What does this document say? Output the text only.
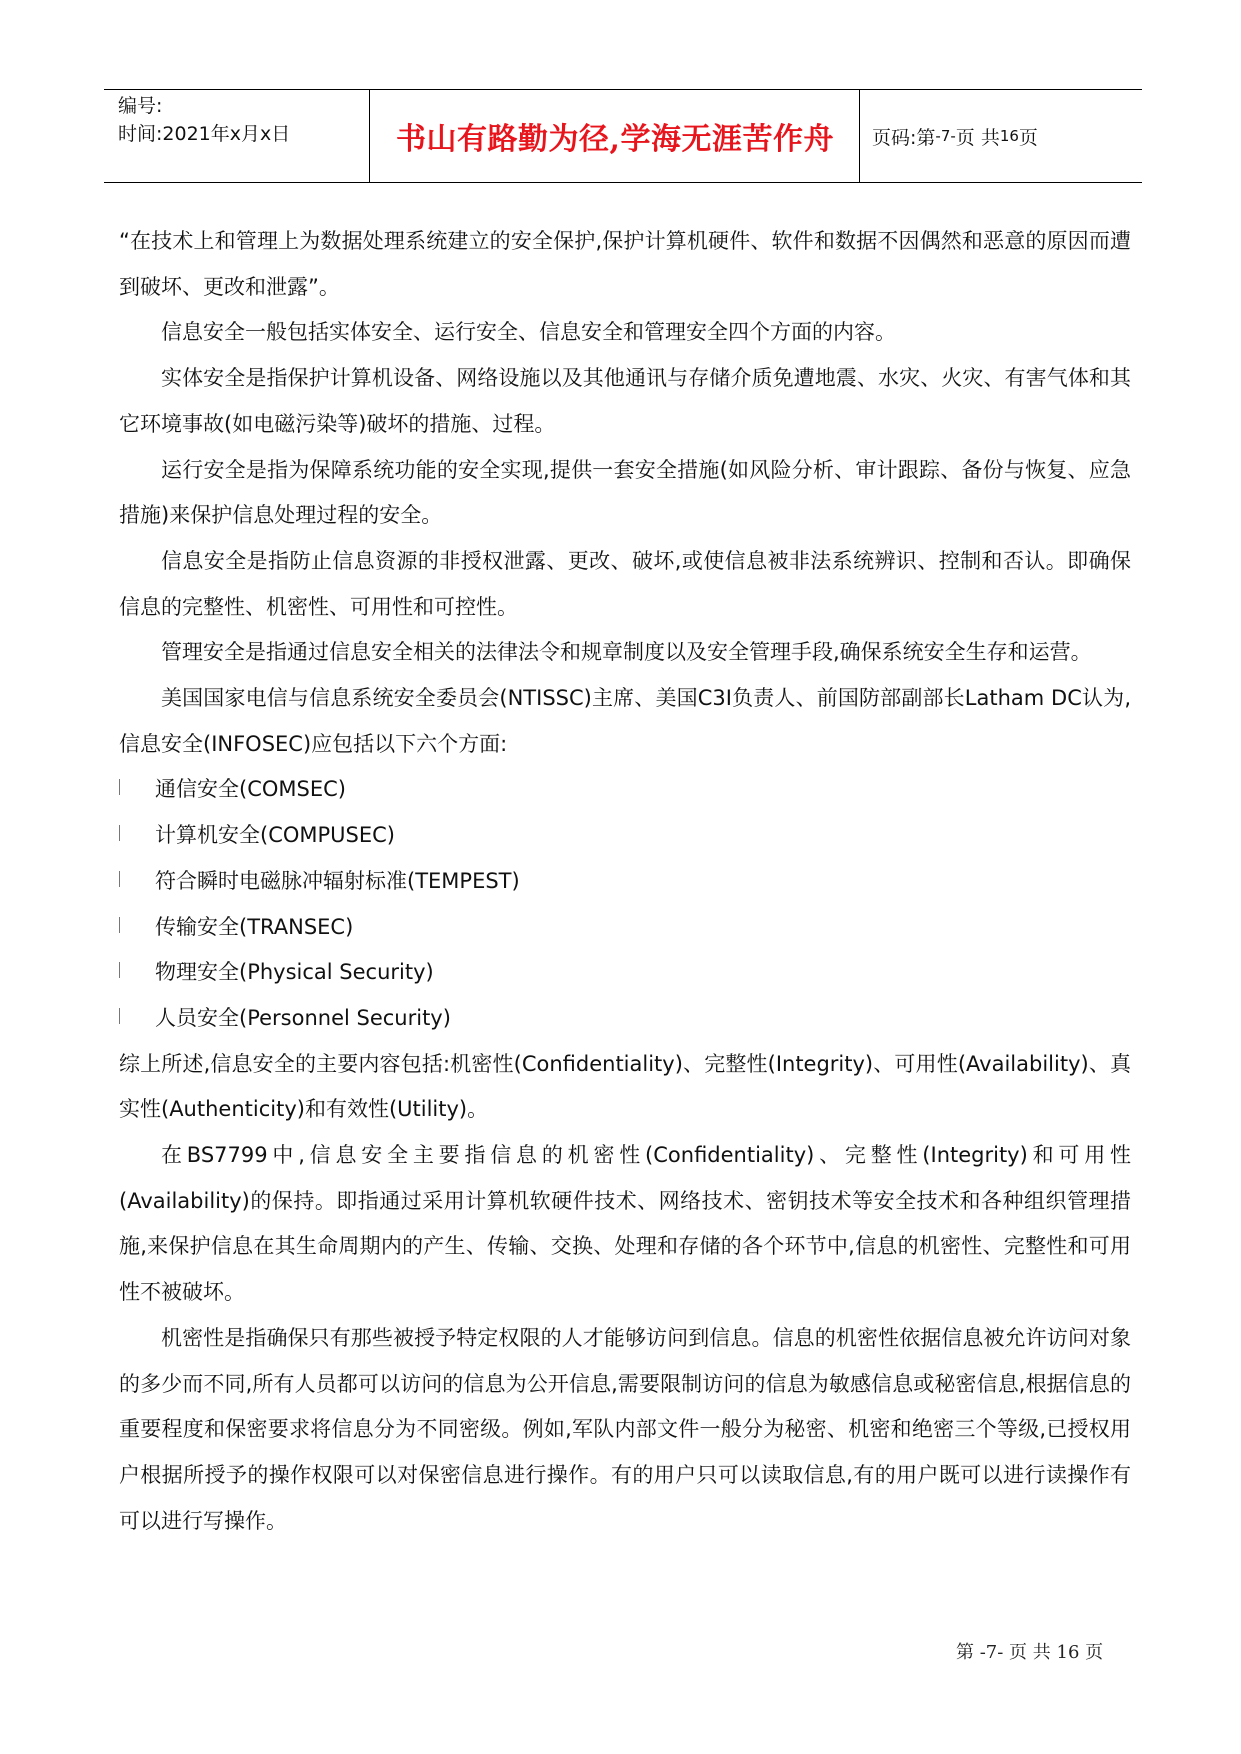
编号:
时间:2021年x月x日	书山有路勤为径,学海无涯苦作舟	页码:第 -7- 页 共 16 页

“在技术上和管理上为数据处理系统建立的安全保护,保护计算机硬件、软件和数据不因偶然和恶意的原因而遭到破坏、更改和泄露”。

信息安全一般包括实体安全、运行安全、信息安全和管理安全四个方面的内容。

实体安全是指保护计算机设备、网络设施以及其他通讯与存储介质免遭地震、水灾、火灾、有害气体和其它环境事故(如电磁污染等)破坏的措施、过程。

运行安全是指为保障系统功能的安全实现,提供一套安全措施(如风险分析、审计跟踪、备份与恢复、应急措施)来保护信息处理过程的安全。

信息安全是指防止信息资源的非授权泄露、更改、破坏,或使信息被非法系统辨识、控制和否认。即确保信息的完整性、机密性、可用性和可控性。

管理安全是指通过信息安全相关的法律法令和规章制度以及安全管理手段,确保系统安全生存和运营。

美国国家电信与信息系统安全委员会(NTISSC)主席、美国C3I负责人、前国防部副部长Latham DC认为,信息安全(INFOSEC)应包括以下六个方面:

通信安全(COMSEC)
计算机安全(COMPUSEC)
符合瞬时电磁脉冲辐射标准(TEMPEST)
传输安全(TRANSEC)
物理安全(Physical Security)
人员安全(Personnel Security)

综上所述,信息安全的主要内容包括:机密性(Confidentiality)、完整性(Integrity)、可用性(Availability)、真实性(Authenticity)和有效性(Utility)。

在BS7799中,信息安全主要指信息的机密性(Confidentiality)、完整性(Integrity)和可用性(Availability)的保持。即指通过采用计算机软硬件技术、网络技术、密钥技术等安全技术和各种组织管理措施,来保护信息在其生命周期内的产生、传输、交换、处理和存储的各个环节中,信息的机密性、完整性和可用性不被破坏。

机密性是指确保只有那些被授予特定权限的人才能够访问到信息。信息的机密性依据信息被允许访问对象的多少而不同,所有人员都可以访问的信息为公开信息,需要限制访问的信息为敏感信息或秘密信息,根据信息的重要程度和保密要求将信息分为不同密级。例如,军队内部文件一般分为秘密、机密和绝密三个等级,已授权用户根据所授予的操作权限可以对保密信息进行操作。有的用户只可以读取信息,有的用户既可以进行读操作有可以进行写操作。

第 -7- 页 共 16 页
